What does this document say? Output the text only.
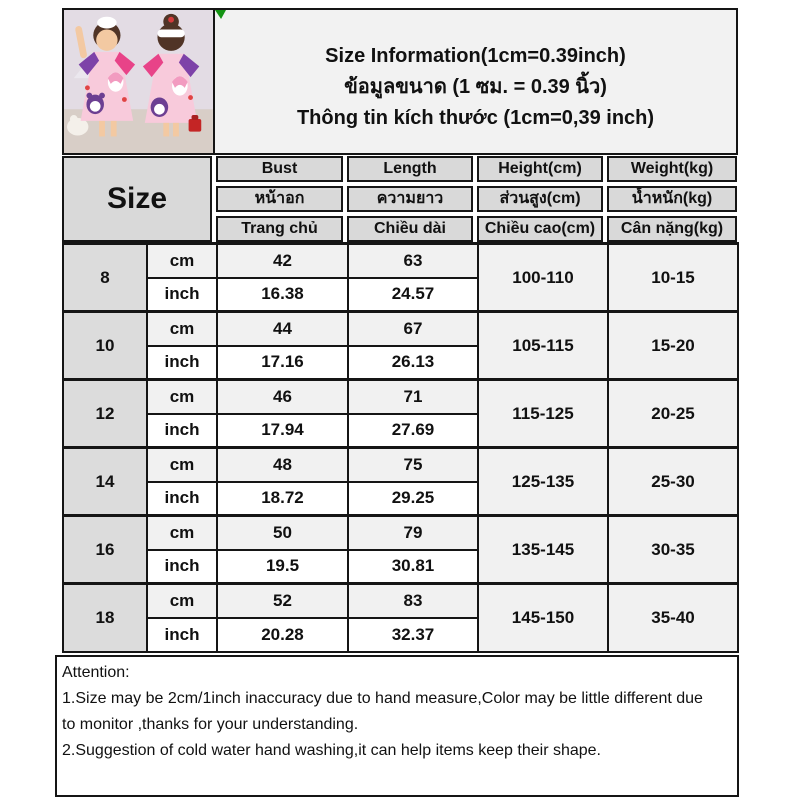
Size Information(1cm=0.39inch)
ข้อมูลขนาด (1 ซม. = 0.39 นิ้ว)
Thông tin kích thước (1cm=0,39 inch)
Size
Bust	Length	Height(cm)	Weight(kg)
หน้าอก	ความยาว	ส่วนสูง(cm)	น้ำหนัก(kg)
Trang chủ	Chiều dài	Chiều cao(cm)	Cân nặng(kg)
8	cm	42	63	100-110	10-15
	inch	16.38	24.57		
10	cm	44	67	105-115	15-20
	inch	17.16	26.13		
12	cm	46	71	115-125	20-25
	inch	17.94	27.69		
14	cm	48	75	125-135	25-30
	inch	18.72	29.25		
16	cm	50	79	135-145	30-35
	inch	19.5	30.81		
18	cm	52	83	145-150	35-40
	inch	20.28	32.37		
Attention:
1.Size may be 2cm/1inch inaccuracy due to hand measure,Color may be little different due
to monitor ,thanks for your understanding.
2.Suggestion of cold water hand washing,it can help items keep their shape.
